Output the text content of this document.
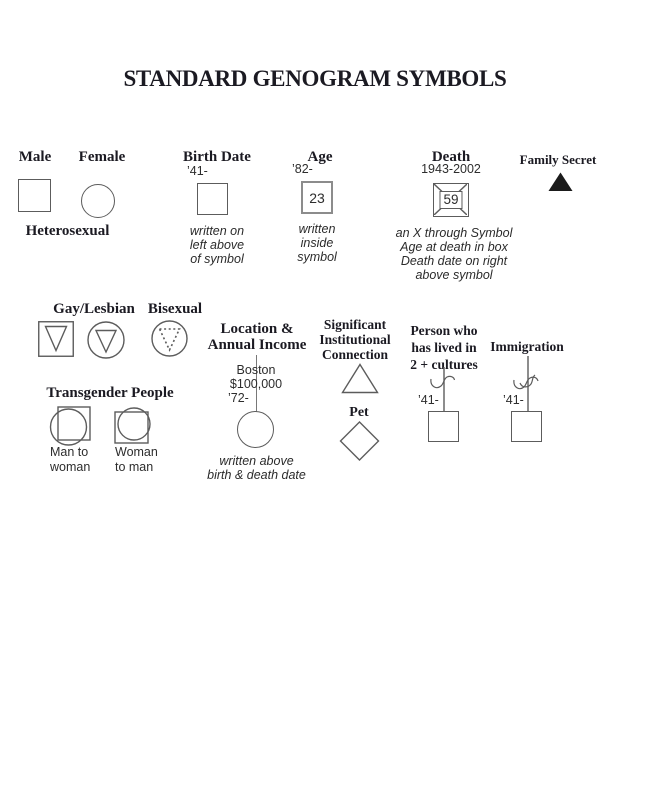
STANDARD GENOGRAM SYMBOLS
Male	Female
Heterosexual
Birth Date
’41-
written on
left above
of symbol
Age
’82-
23
written
inside
symbol
Death
1943-2002
59
an X through Symbol
Age at death in box
Death date on right
above symbol
Family Secret
Gay/Lesbian Bisexual
Transgender People
Man to
woman
Woman
to man
Location &
Annual Income
Boston
$100,000
’72-
written above
birth & death date
Significant
Institutional
Connection
Pet
Person who
has lived in
2 + cultures
’41-
Immigration
’41-
